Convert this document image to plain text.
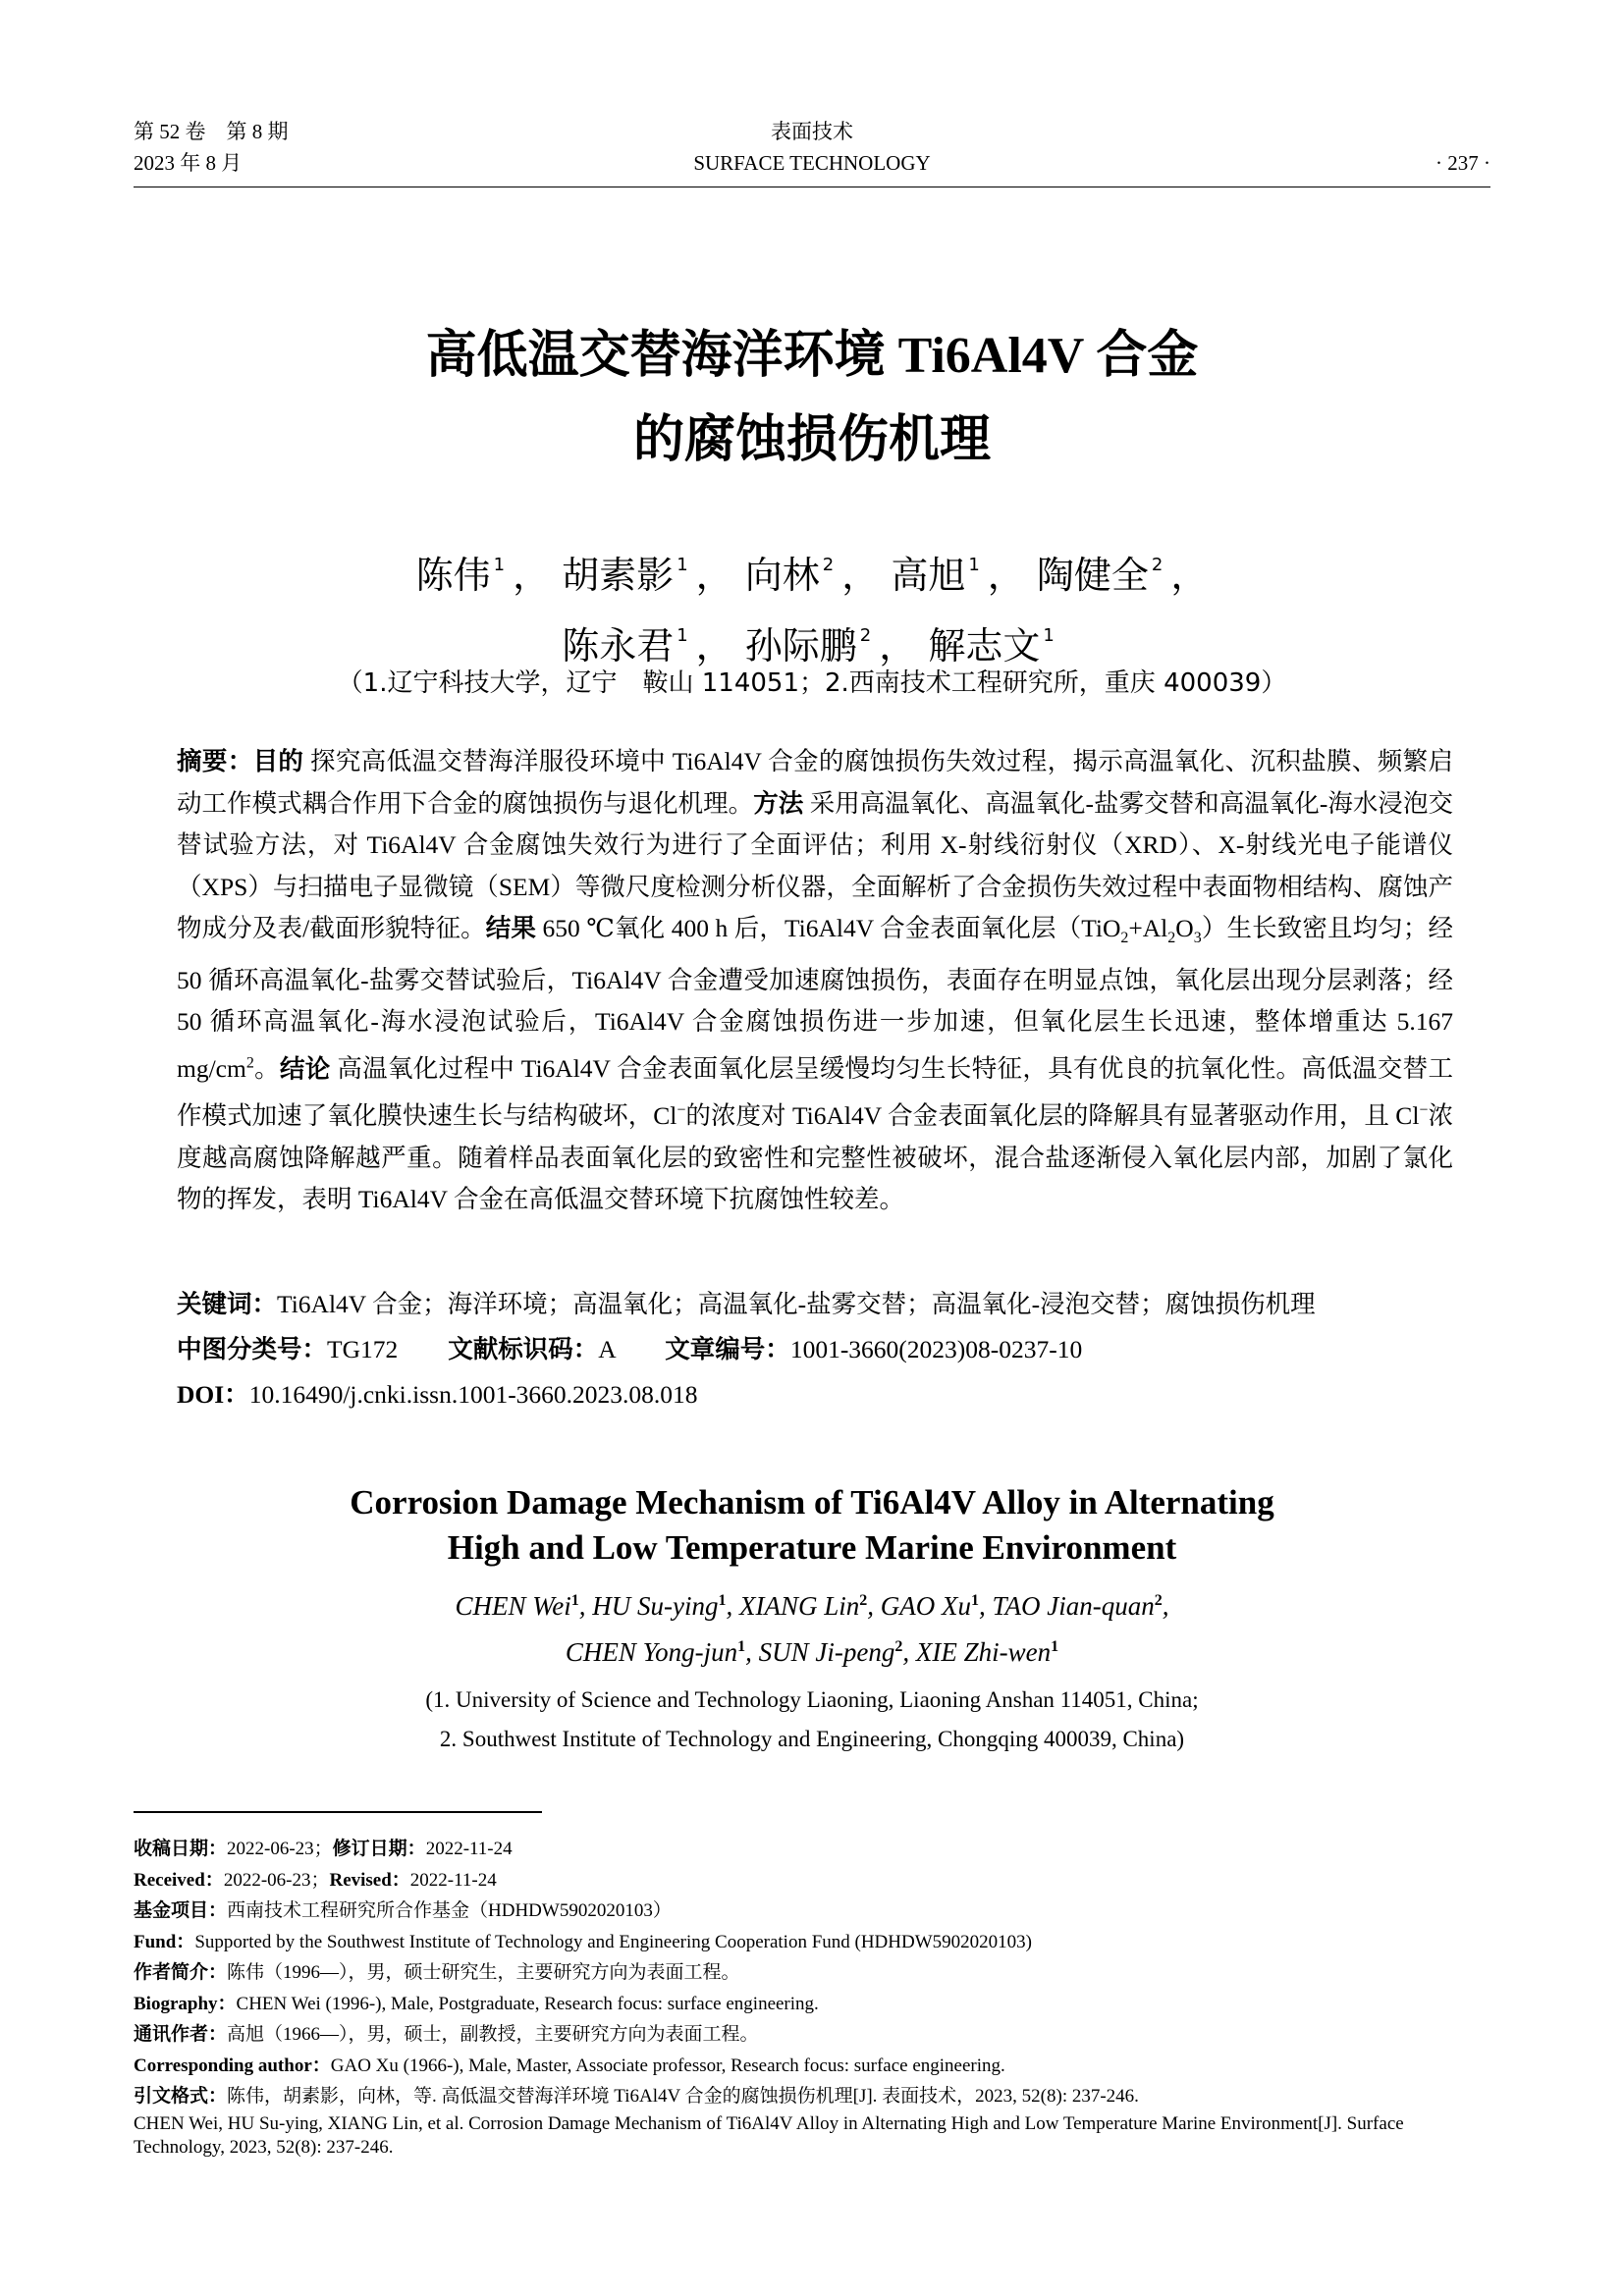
第 52 卷　第 8 期
2023 年 8 月
表面技术
SURFACE TECHNOLOGY	· 237 ·
高低温交替海洋环境 Ti6Al4V 合金
的腐蚀损伤机理
陈伟 $^1$ ， 胡素影 $^1$ ， 向林 $^2$ ， 高旭 $^1$ ， 陶健全 $^2$ ，
陈永君 $^1$ ， 孙际鹏 $^2$ ， 解志文 $^1$
（1.辽宁科技大学，辽宁　鞍山 114051；2.西南技术工程研究所，重庆 400039）
摘要：目的 探究高低温交替海洋服役环境中 Ti6Al4V 合金的腐蚀损伤失效过程，揭示高温氧化、沉积盐膜、频繁启动工作模式耦合作用下合金的腐蚀损伤与退化机理。方法 采用高温氧化、高温氧化-盐雾交替和高温氧化-海水浸泡交替试验方法，对 Ti6Al4V 合金腐蚀失效行为进行了全面评估；利用 X-射线衍射仪（XRD）、X-射线光电子能谱仪（XPS）与扫描电子显微镜（SEM）等微尺度检测分析仪器，全面解析了合金损伤失效过程中表面物相结构、腐蚀产物成分及表/截面形貌特征。结果 650 ℃氧化 400 h 后，Ti6Al4V 合金表面氧化层$(TiO_2+Al_2O_3)$生长致密且均匀；经 50 循环高温氧化-盐雾交替试验后，Ti6Al4V 合金遭受加速腐蚀损伤，表面存在明显点蚀，氧化层出现分层剥落；经 50 循环高温氧化-海水浸泡试验后，Ti6Al4V 合金腐蚀损伤进一步加速，但氧化层生长迅速，整体增重达 5.167 $mg/cm^2$。结论 高温氧化过程中 Ti6Al4V 合金表面氧化层呈缓慢均匀生长特征，具有优良的抗氧化性。高低温交替工作模式加速了氧化膜快速生长与结构破坏，Cl−的浓度对 Ti6Al4V 合金表面氧化层的降解具有显著驱动作用，且 Cl−浓度越高腐蚀降解越严重。随着样品表面氧化层的致密性和完整性被破坏，混合盐逐渐侵入氧化层内部，加剧了氯化物的挥发，表明 Ti6Al4V 合金在高低温交替环境下抗腐蚀性较差。
关键词：Ti6Al4V 合金；海洋环境；高温氧化；高温氧化-盐雾交替；高温氧化-浸泡交替；腐蚀损伤机理
中图分类号：TG172 文献标识码：A 文章编号：1001-3660(2023)08-0237-10
DOI：10.16490/j.cnki.issn.1001-3660.2023.08.018
Corrosion Damage Mechanism of Ti6Al4V Alloy in Alternating
High and Low Temperature Marine Environment
CHEN Wei$^1$, HU Su-ying$^1$, XIANG Lin$^2$, GAO Xu$^1$, TAO Jian-quan$^2$,
CHEN Yong-jun$^1$, SUN Ji-peng$^2$, XIE Zhi-wen$^1$
(1. University of Science and Technology Liaoning, Liaoning Anshan 114051, China;
2. Southwest Institute of Technology and Engineering, Chongqing 400039, China)
收稿日期：2022-06-23；修订日期：2022-11-24
Received：2022-06-23；Revised：2022-11-24
基金项目：西南技术工程研究所合作基金（HDHDW5902020103）
Fund：Supported by the Southwest Institute of Technology and Engineering Cooperation Fund (HDHDW5902020103)
作者简介：陈伟（1996—），男，硕士研究生，主要研究方向为表面工程。
Biography：CHEN Wei (1996-), Male, Postgraduate, Research focus: surface engineering.
通讯作者：高旭（1966—），男，硕士，副教授，主要研究方向为表面工程。
Corresponding author：GAO Xu (1966-), Male, Master, Associate professor, Research focus: surface engineering.
引文格式：陈伟，胡素影，向林，等. 高低温交替海洋环境 Ti6Al4V 合金的腐蚀损伤机理[J]. 表面技术，2023, 52(8): 237-246.
CHEN Wei, HU Su-ying, XIANG Lin, et al. Corrosion Damage Mechanism of Ti6Al4V Alloy in Alternating High and Low Temperature Marine Environment[J]. Surface Technology, 2023, 52(8): 237-246.
